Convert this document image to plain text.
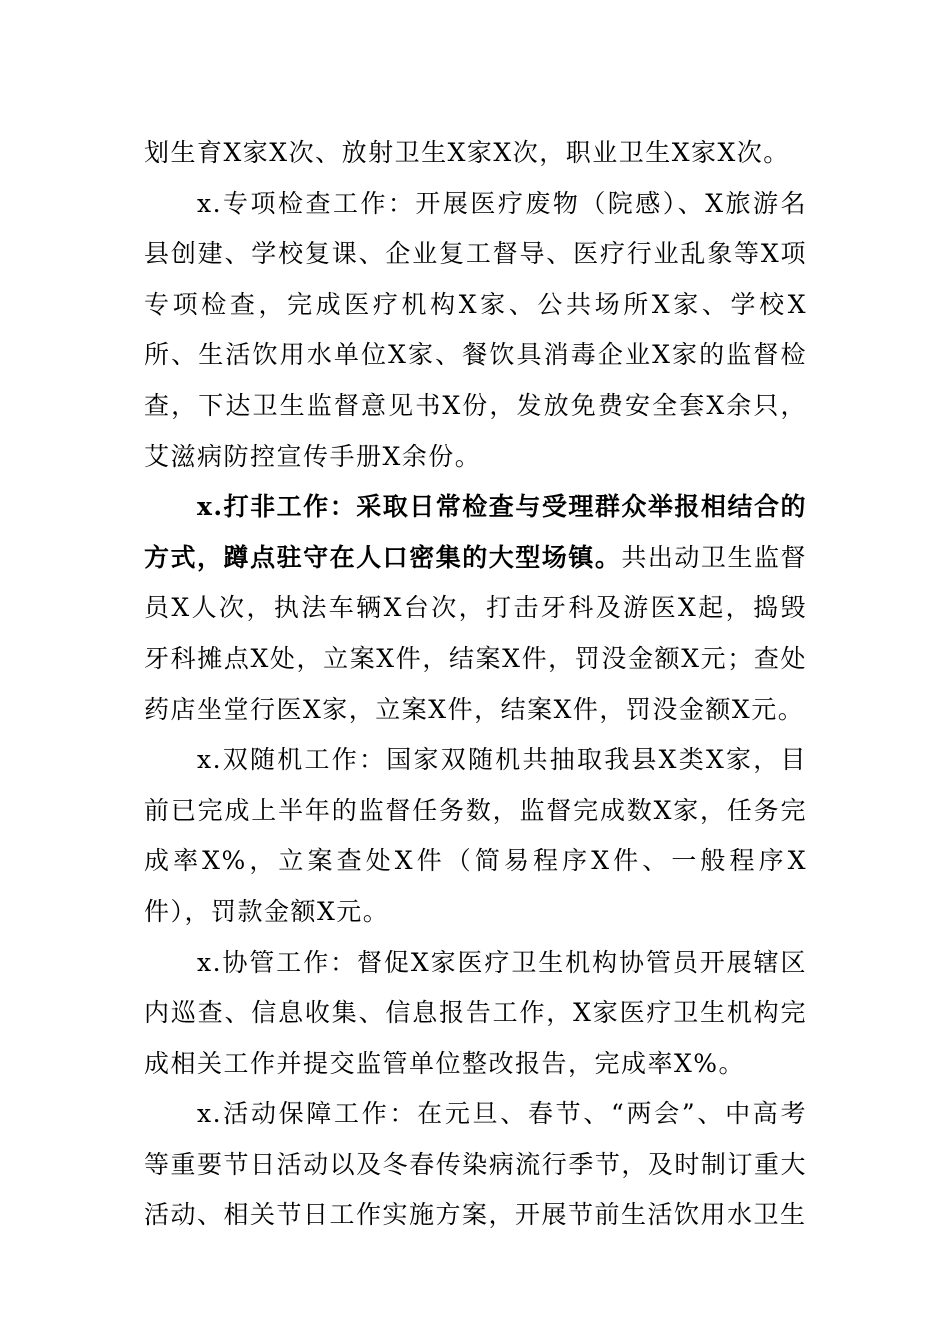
划生育X家X次、放射卫生X家X次，职业卫生X家X次。

x.专项检查工作：开展医疗废物（院感）、X旅游名县创建、学校复课、企业复工督导、医疗行业乱象等X项专项检查，完成医疗机构X家、公共场所X家、学校X所、生活饮用水单位X家、餐饮具消毒企业X家的监督检查，下达卫生监督意见书X份，发放免费安全套X余只，艾滋病防控宣传手册X余份。

x.打非工作：采取日常检查与受理群众举报相结合的方式，蹲点驻守在人口密集的大型场镇。共出动卫生监督员X人次，执法车辆X台次，打击牙科及游医X起，捣毁牙科摊点X处，立案X件，结案X件，罚没金额X元；查处药店坐堂行医X家，立案X件，结案X件，罚没金额X元。

x.双随机工作：国家双随机共抽取我县X类X家，目前已完成上半年的监督任务数，监督完成数X家，任务完成率X%，立案查处X件（简易程序X件、一般程序X件），罚款金额X元。

x.协管工作：督促X家医疗卫生机构协管员开展辖区内巡查、信息收集、信息报告工作，X家医疗卫生机构完成相关工作并提交监管单位整改报告，完成率X%。

x.活动保障工作：在元旦、春节、“两会”、中高考等重要节日活动以及冬春传染病流行季节，及时制订重大活动、相关节日工作实施方案，开展节前生活饮用水卫生
